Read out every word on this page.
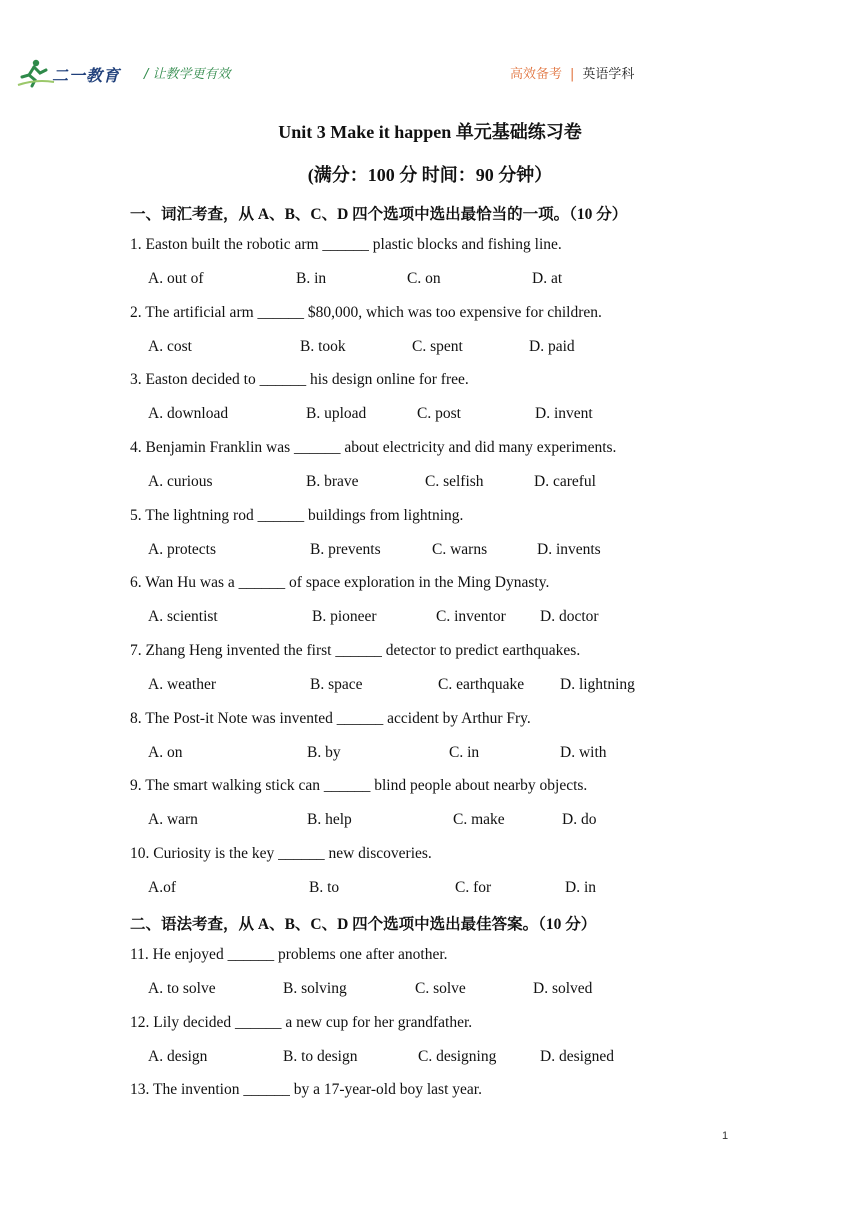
二一教育 / 让教学更有效	高效备考 | 英语学科
Unit 3 Make it happen 单元基础练习卷
(满分：100 分 时间：90 分钟）
一、词汇考查，从 A、B、C、D 四个选项中选出最恰当的一项。（10 分）
1. Easton built the robotic arm ______ plastic blocks and fishing line.
A. out of	B. in	C. on	D. at
2. The artificial arm ______ $80,000, which was too expensive for children.
A. cost	B. took	C. spent	D. paid
3. Easton decided to ______ his design online for free.
A. download	B. upload	C. post	D. invent
4. Benjamin Franklin was ______ about electricity and did many experiments.
A. curious	B. brave	C. selfish	D. careful
5. The lightning rod ______ buildings from lightning.
A. protects	B. prevents	C. warns	D. invents
6. Wan Hu was a ______ of space exploration in the Ming Dynasty.
A. scientist	B. pioneer	C. inventor D. doctor
7. Zhang Heng invented the first ______ detector to predict earthquakes.
A. weather	B. space	C. earthquake D. lightning
8. The Post-it Note was invented ______ accident by Arthur Fry.
A. on	B. by	C. in	D. with
9. The smart walking stick can ______ blind people about nearby objects.
A. warn	B. help	C. make	D. do
10. Curiosity is the key ______ new discoveries.
A.of	B. to	C. for	D. in
二、语法考查，从 A、B、C、D 四个选项中选出最佳答案。（10 分）
11. He enjoyed ______ problems one after another.
A. to solve	B. solving	C. solve	D. solved
12. Lily decided ______ a new cup for her grandfather.
A. design	B. to design	C. designing	D. designed
13. The invention ______ by a 17-year-old boy last year.
1
